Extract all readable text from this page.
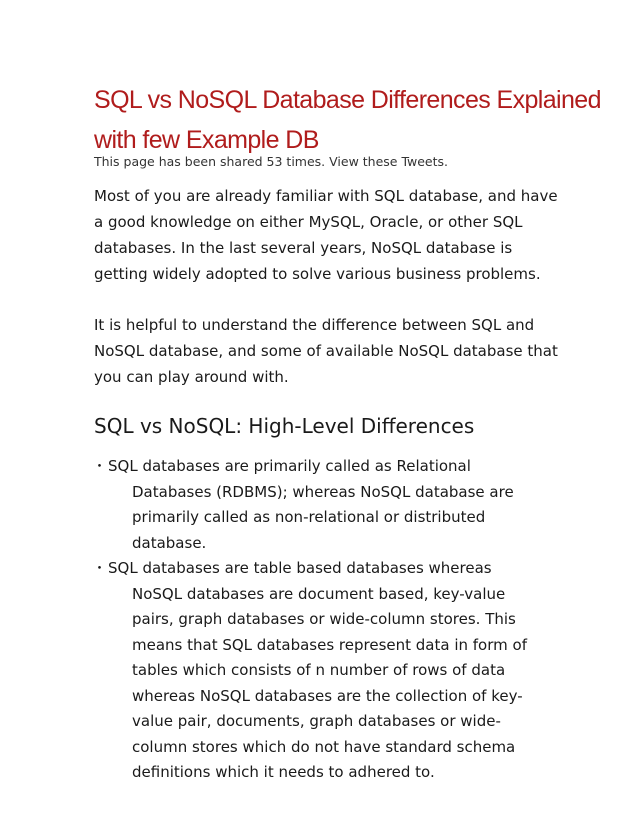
SQL vs NoSQL Database Differences Explained with few Example DB

This page has been shared 53 times. View these Tweets.

Most of you are already familiar with SQL database, and have a good knowledge on either MySQL, Oracle, or other SQL databases. In the last several years, NoSQL database is getting widely adopted to solve various business problems.

It is helpful to understand the difference between SQL and NoSQL database, and some of available NoSQL database that you can play around with.

SQL vs NoSQL: High-Level Differences
・ SQL databases are primarily called as Relational Databases (RDBMS); whereas NoSQL database are primarily called as non-relational or distributed database.
・ SQL databases are table based databases whereas NoSQL databases are document based, key-value pairs, graph databases or wide-column stores. This means that SQL databases represent data in form of tables which consists of n number of rows of data whereas NoSQL databases are the collection of key-value pair, documents, graph databases or wide-column stores which do not have standard schema definitions which it needs to adhered to.
